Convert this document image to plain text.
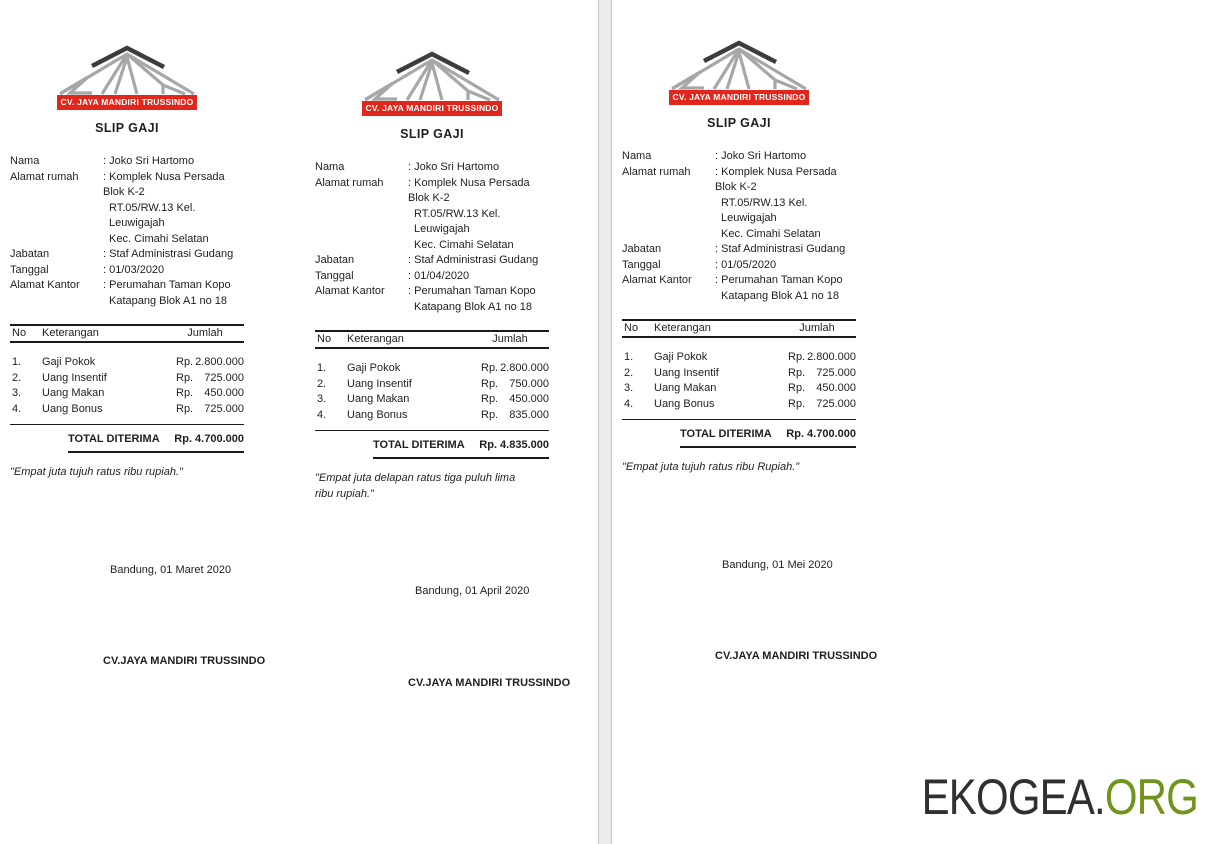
CV. JAYA MANDIRI TRUSSINDO
SLIP GAJI
Nama	: Joko Sri Hartomo
Alamat rumah	: Komplek Nusa Persada Blok K-2
RT.05/RW.13 Kel. Leuwigajah
Kec. Cimahi Selatan
Jabatan	: Staf Administrasi Gudang
Tanggal	: 01/03/2020
Alamat Kantor	: Perumahan Taman Kopo
Katapang Blok A1 no 18
No	Keterangan	Jumlah
1.	Gaji Pokok	Rp. 2.800.000
2.	Uang Insentif	Rp.	725.000
3.	Uang Makan	Rp.	450.000
4.	Uang Bonus	Rp.	725.000
TOTAL DITERIMA	Rp. 4.700.000
"Empat juta tujuh ratus ribu rupiah."
Bandung, 01 Maret 2020
CV.JAYA MANDIRI TRUSSINDO
CV. JAYA MANDIRI TRUSSINDO
SLIP GAJI
Nama	: Joko Sri Hartomo
Alamat rumah	: Komplek Nusa Persada Blok K-2
RT.05/RW.13 Kel. Leuwigajah
Kec. Cimahi Selatan
Jabatan	: Staf Administrasi Gudang
Tanggal	: 01/04/2020
Alamat Kantor	: Perumahan Taman Kopo
Katapang Blok A1 no 18
No	Keterangan	Jumlah
1.	Gaji Pokok	Rp. 2.800.000
2.	Uang Insentif	Rp.	750.000
3.	Uang Makan	Rp.	450.000
4.	Uang Bonus	Rp.	835.000
TOTAL DITERIMA	Rp. 4.835.000
"Empat juta delapan ratus tiga puluh lima ribu rupiah."
Bandung, 01 April 2020
CV.JAYA MANDIRI TRUSSINDO
CV. JAYA MANDIRI TRUSSINDO
SLIP GAJI
Nama	: Joko Sri Hartomo
Alamat rumah	: Komplek Nusa Persada Blok K-2
RT.05/RW.13 Kel. Leuwigajah
Kec. Cimahi Selatan
Jabatan	: Staf Administrasi Gudang
Tanggal	: 01/05/2020
Alamat Kantor	: Perumahan Taman Kopo
Katapang Blok A1 no 18
No	Keterangan	Jumlah
1.	Gaji Pokok	Rp. 2.800.000
2.	Uang Insentif	Rp.	725.000
3.	Uang Makan	Rp.	450.000
4.	Uang Bonus	Rp.	725.000
TOTAL DITERIMA	Rp. 4.700.000
"Empat juta tujuh ratus ribu Rupiah."
Bandung, 01 Mei 2020
CV.JAYA MANDIRI TRUSSINDO
EKOGEA.ORG
